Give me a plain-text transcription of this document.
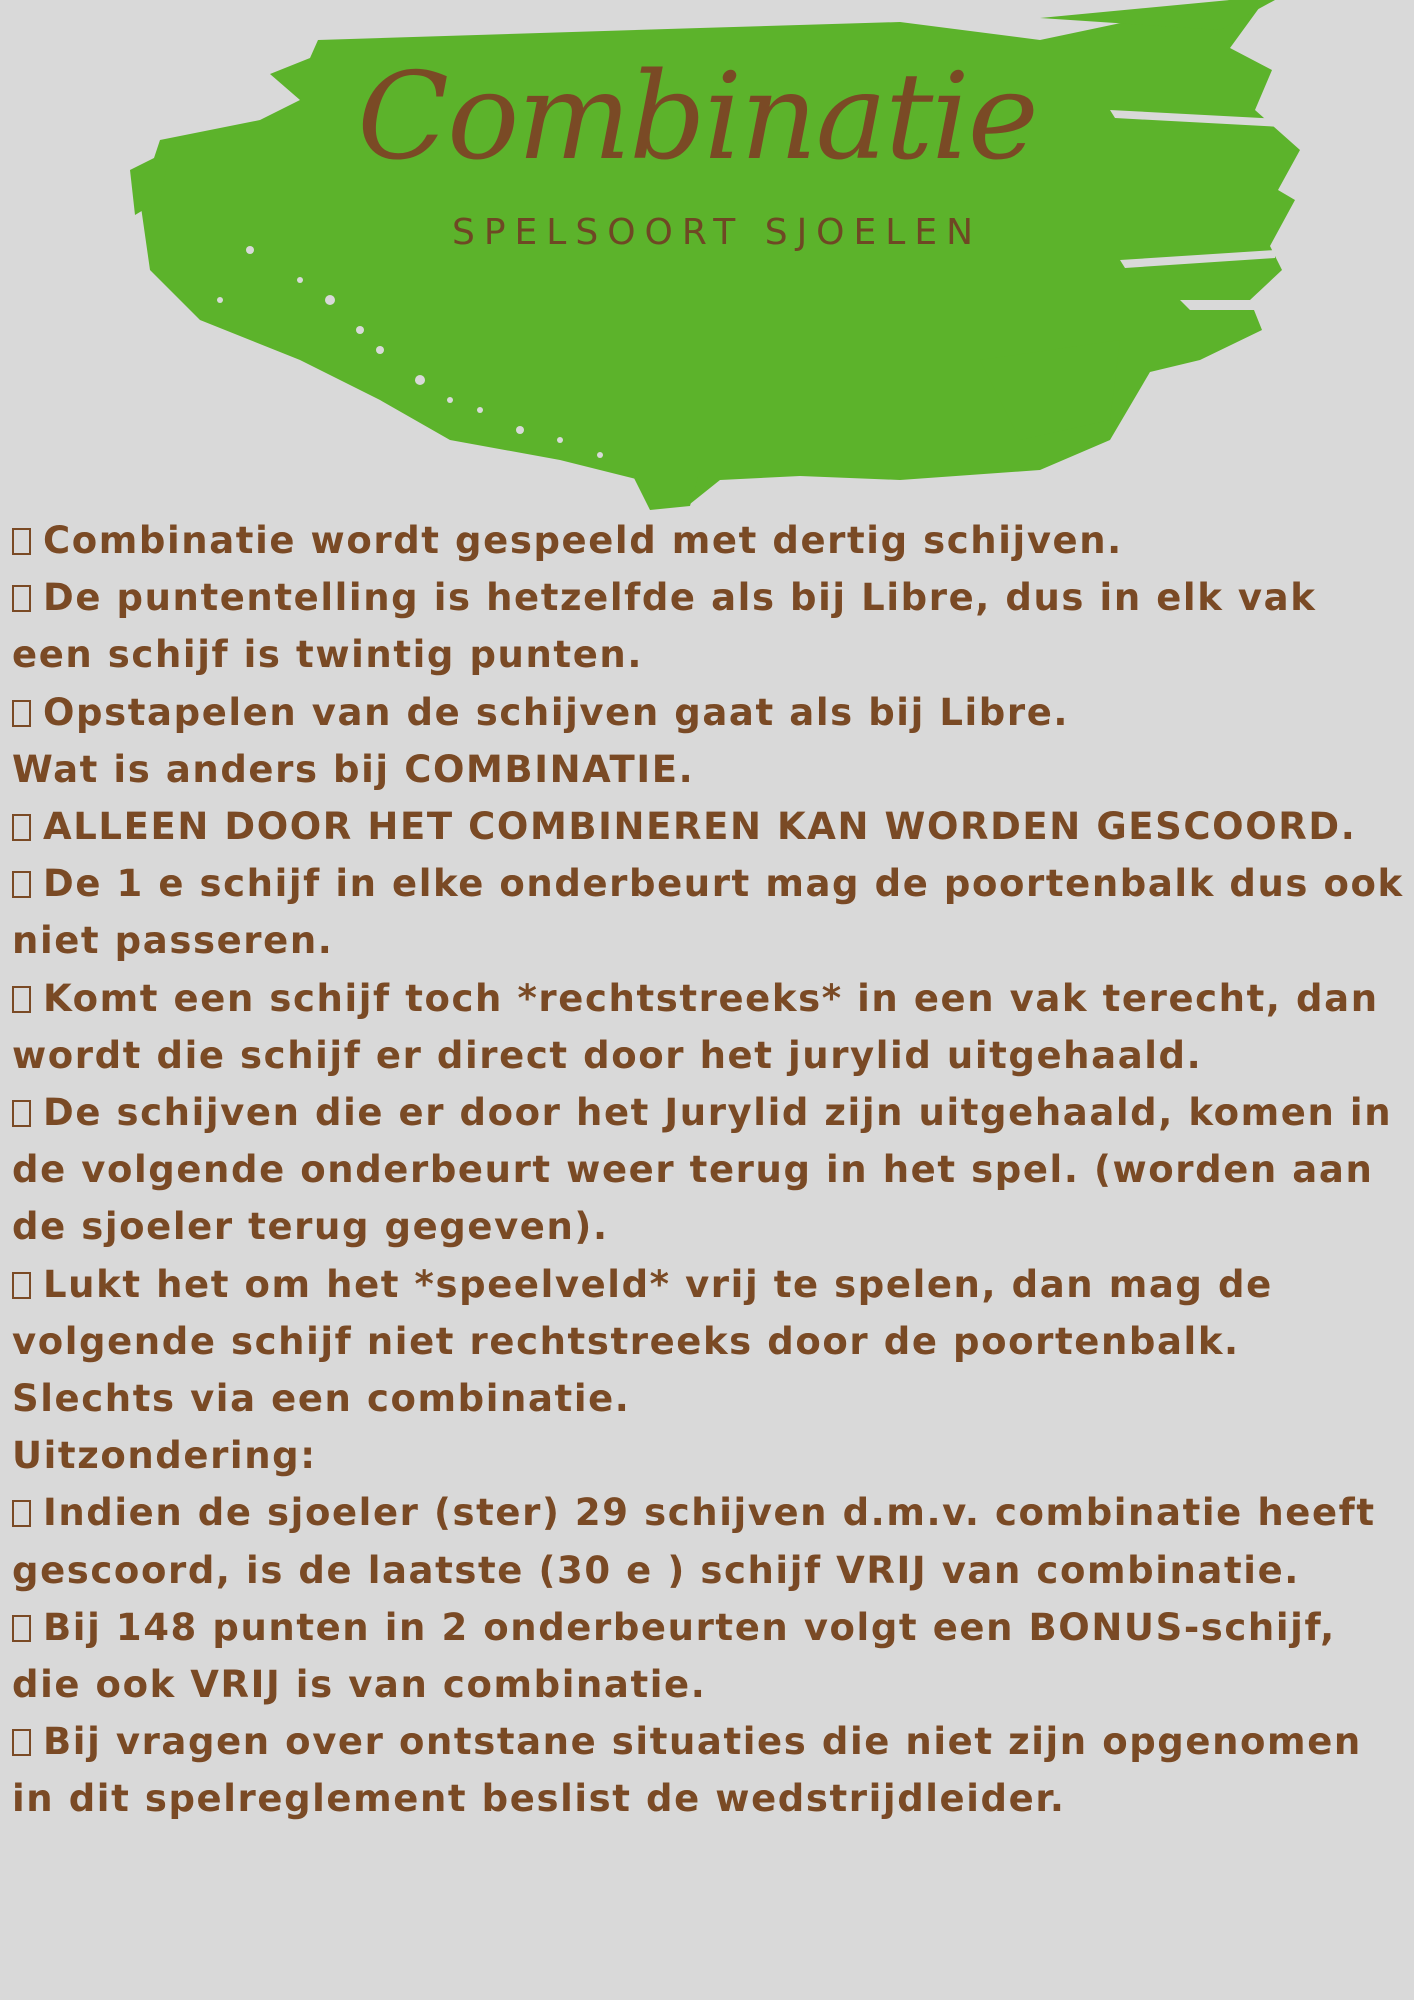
Combinatie
SPELSOORT SJOELEN

Combinatie wordt gespeeld met dertig schijven.

De puntentelling is hetzelfde als bij Libre, dus in elk vak een schijf is twintig punten.

Opstapelen van de schijven gaat als bij Libre.

Wat is anders bij COMBINATIE.

ALLEEN DOOR HET COMBINEREN KAN WORDEN GESCOORD.

De 1 e schijf in elke onderbeurt mag de poortenbalk dus ook niet passeren.

Komt een schijf toch *rechtstreeks* in een vak terecht, dan wordt die schijf er direct door het jurylid uitgehaald.

De schijven die er door het Jurylid zijn uitgehaald, komen in de volgende onderbeurt weer terug in het spel. (worden aan de sjoeler terug gegeven).

Lukt het om het *speelveld* vrij te spelen, dan mag de volgende schijf niet rechtstreeks door de poortenbalk. Slechts via een combinatie.

Uitzondering:

Indien de sjoeler (ster) 29 schijven d.m.v. combinatie heeft gescoord, is de laatste (30 e ) schijf VRIJ van combinatie.

Bij 148 punten in 2 onderbeurten volgt een BONUS-schijf, die ook VRIJ is van combinatie.

Bij vragen over ontstane situaties die niet zijn opgenomen in dit spelreglement beslist de wedstrijdleider.
